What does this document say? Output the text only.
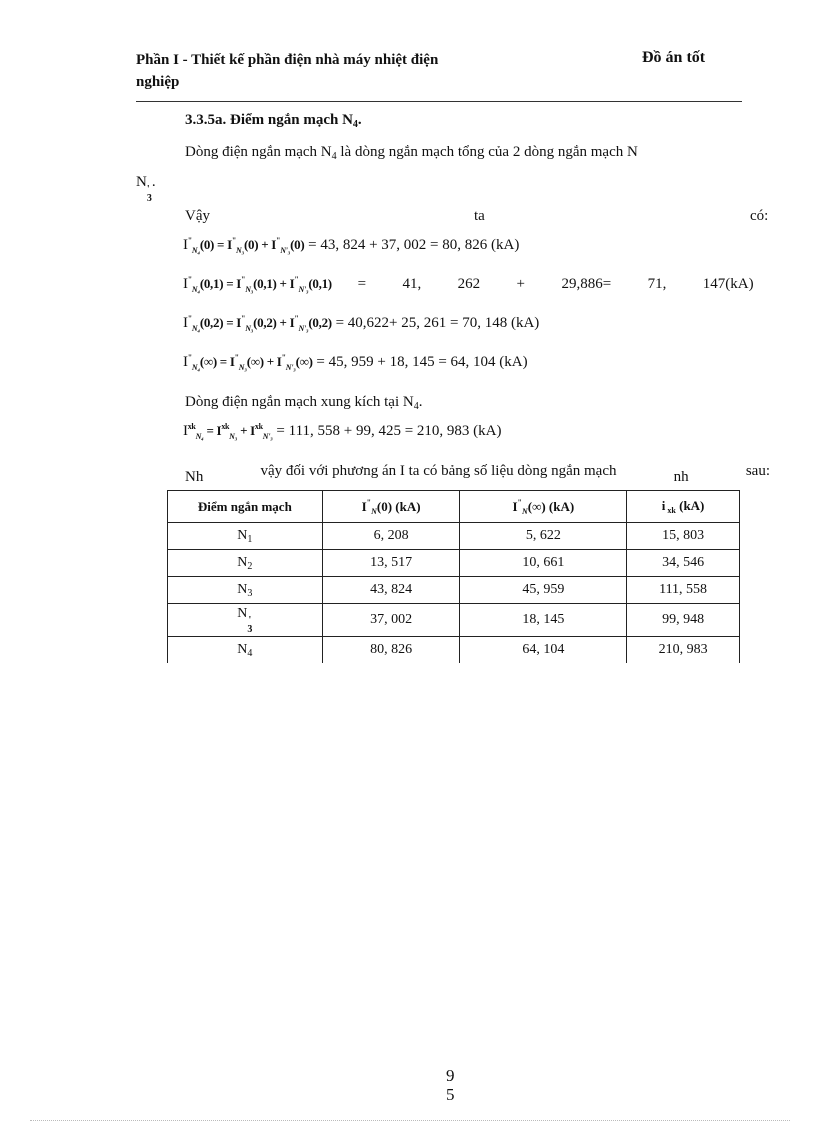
Phần I - Thiết kế phần điện nhà máy nhiệt điện
nghiệp
Đồ án tốt
3.3.5a. Điểm ngắn mạch $N_4$.
Dòng điện ngắn mạch $N_4$ là dòng ngắn mạch tổng của 2 dòng ngắn mạch N
N '
3
.
Vậy	ta	có:
$I^"_{N_4}(0) = I^"_{N_3}(0) + I^"_{N'_3}(0) = 43$, 824 + 37, 002 = 80, 826 (kA)
$I^"_{N_4}(0,1) = I^"_{N_3}(0,1) + I^"_{N'_3}(0,1) = 41$, 262 + 29,886= 71, 147(kA)
$I^"_{N_4}(0,2) = I^"_{N_3}(0,2) + I^"_{N'_3}(0,2) = 40,622+ 25$, 261 = 70, 148 (kA)
$I^"_{N_4}(\infty) = I^"_{N_3}(\infty) + I^"_{N'_3}(\infty) = 45$, 959 + 18, 145 = 64, 104 (kA)
Dòng điện ngắn mạch xung kích tại $N_4$.
$I^{xk}_{N_4} = I^{xk}_{N_3} + I^{xk}_{N'_3} = 111$, 558 + 99, 425 = 210, 983 (kA)
Nh	vậy đối với phương án I ta có bảng số liệu dòng ngắn mạch	nh	sau:
Điểm ngắn mạch	$I^"_N(0)$ (kA)	$I^"_N(\infty)$ (kA)	i $_{xk}$ (kA)
$N_1$	6, 208	5, 622	15, 803
$N_2$	13, 517	10, 661	34, 546
$N_3$	43, 824	45, 959	111, 558
N '
3	37, 002	18, 145	99, 948
$N_4$	80, 826	64, 104	210, 983
9
5
